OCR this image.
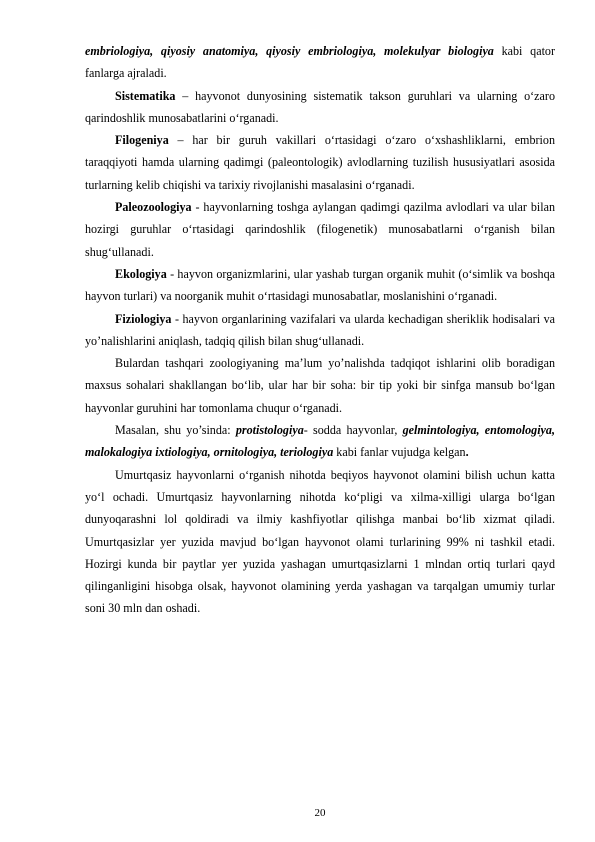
embriologiya, qiyosiy anatomiya, qiyosiy embriologiya, molekulyar biologiya kabi qator fanlarga ajraladi.

Sistematika – hayvonot dunyosining sistematik takson guruhlari va ularning o‘zaro qarindoshlik munosabatlarini o‘rganadi.

Filogeniya – har bir guruh vakillari o‘rtasidagi o‘zaro o‘xshashliklarni, embrion taraqqiyoti hamda ularning qadimgi (paleontologik) avlodlarning tuzilish hususiyatlari asosida turlarning kelib chiqishi va tarixiy rivojlanishi masalasini o‘rganadi.

Paleozoologiya - hayvonlarning toshga aylangan qadimgi qazilma avlodlari va ular bilan hozirgi guruhlar o‘rtasidagi qarindoshlik (filogenetik) munosabatlarni o‘rganish bilan shug‘ullanadi.

Ekologiya - hayvon organizmlarini, ular yashab turgan organik muhit (o‘simlik va boshqa hayvon turlari) va noorganik muhit o‘rtasidagi munosabatlar, moslanishini o‘rganadi.

Fiziologiya - hayvon organlarining vazifalari va ularda kechadigan sheriklik hodisalari va yo’nalishlarini aniqlash, tadqiq qilish bilan shug‘ullanadi.

Bulardan tashqari zoologiyaning ma’lum yo’nalishda tadqiqot ishlarini olib boradigan maxsus sohalari shakllangan bo‘lib, ular har bir soha: bir tip yoki bir sinfga mansub bo‘lgan hayvonlar guruhini har tomonlama chuqur o‘rganadi.

Masalan, shu yo’sinda: protistologiya- sodda hayvonlar, gelmintologiya, entomologiya, malokalogiya ixtiologiya, ornitologiya, teriologiya kabi fanlar vujudga kelgan.

Umurtqasiz hayvonlarni o‘rganish nihotda beqiyos hayvonot olamini bilish uchun katta yo‘l ochadi. Umurtqasiz hayvonlarning nihotda ko‘pligi va xilma-xilligi ularga bo‘lgan dunyoqarashni lol qoldiradi va ilmiy kashfiyotlar qilishga manbai bo‘lib xizmat qiladi. Umurtqasizlar yer yuzida mavjud bo‘lgan hayvonot olami turlarining 99% ni tashkil etadi. Hozirgi kunda bir paytlar yer yuzida yashagan umurtqasizlarni 1 mlndan ortiq turlari qayd qilinganligini hisobga olsak, hayvonot olamining yerda yashagan va tarqalgan umumiy turlar soni 30 mln dan oshadi.

20
